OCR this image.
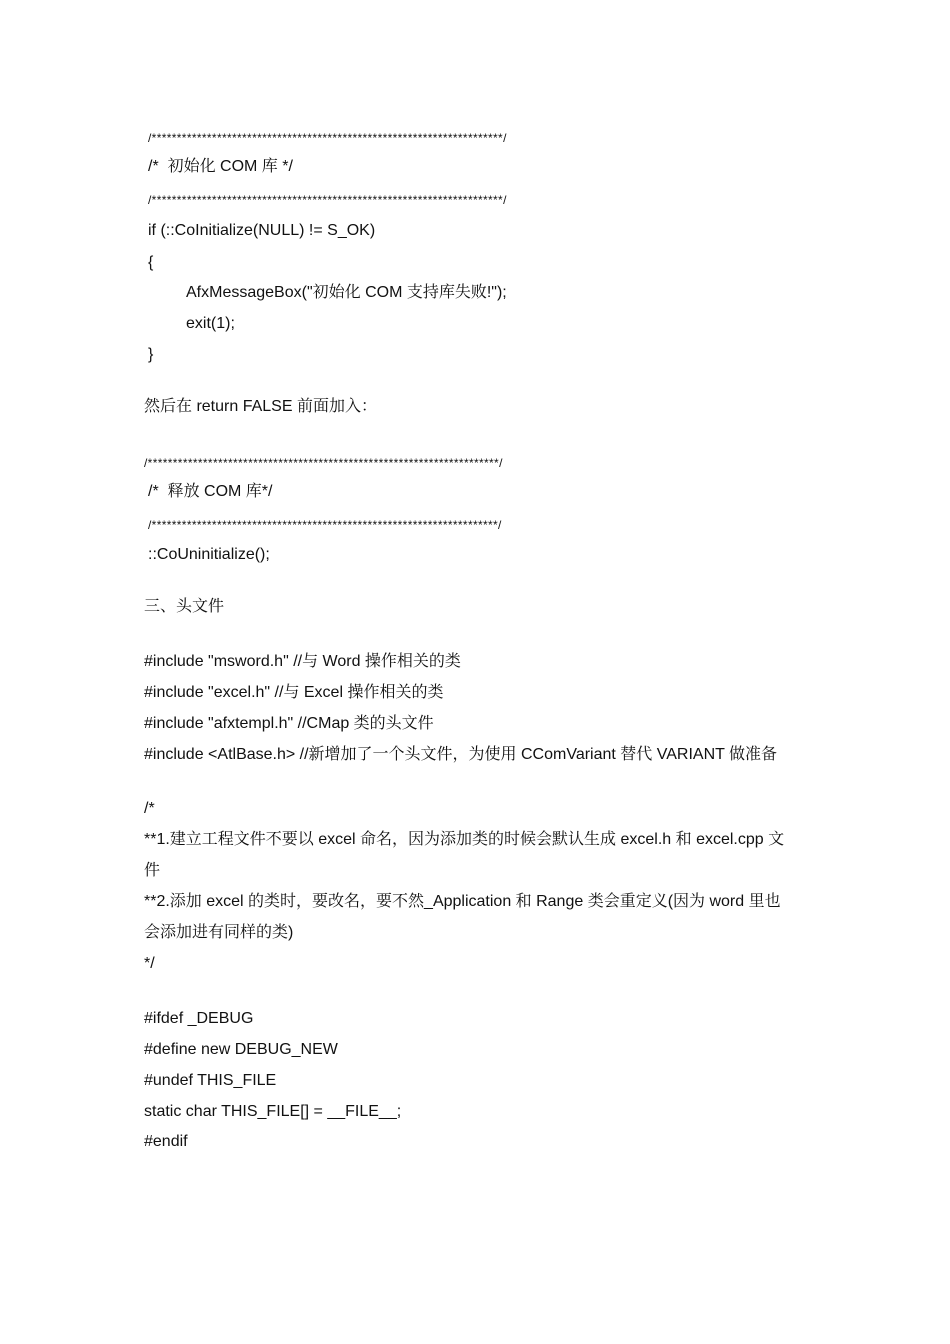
/**********************************************************************/
/*  初始化 COM 库 */
/**********************************************************************/
if (::CoInitialize(NULL) != S_OK)
{
AfxMessageBox("初始化 COM 支持库失败!");
exit(1);
}
然后在 return FALSE 前面加入：
/**********************************************************************/
/*  释放 COM 库*/
/*********************************************************************/
::CoUninitialize();
三、头文件
#include "msword.h" //与 Word 操作相关的类
#include "excel.h" //与 Excel 操作相关的类
#include "afxtempl.h" //CMap 类的头文件
#include <AtlBase.h> //新增加了一个头文件，为使用 CComVariant 替代 VARIANT 做准备
/*
**1.建立工程文件不要以 excel 命名，因为添加类的时候会默认生成 excel.h 和 excel.cpp 文
件
**2.添加 excel 的类时，要改名，要不然_Application 和 Range 类会重定义(因为 word 里也
会添加进有同样的类)
*/
#ifdef _DEBUG
#define new DEBUG_NEW
#undef THIS_FILE
static char THIS_FILE[] = __FILE__;
#endif
